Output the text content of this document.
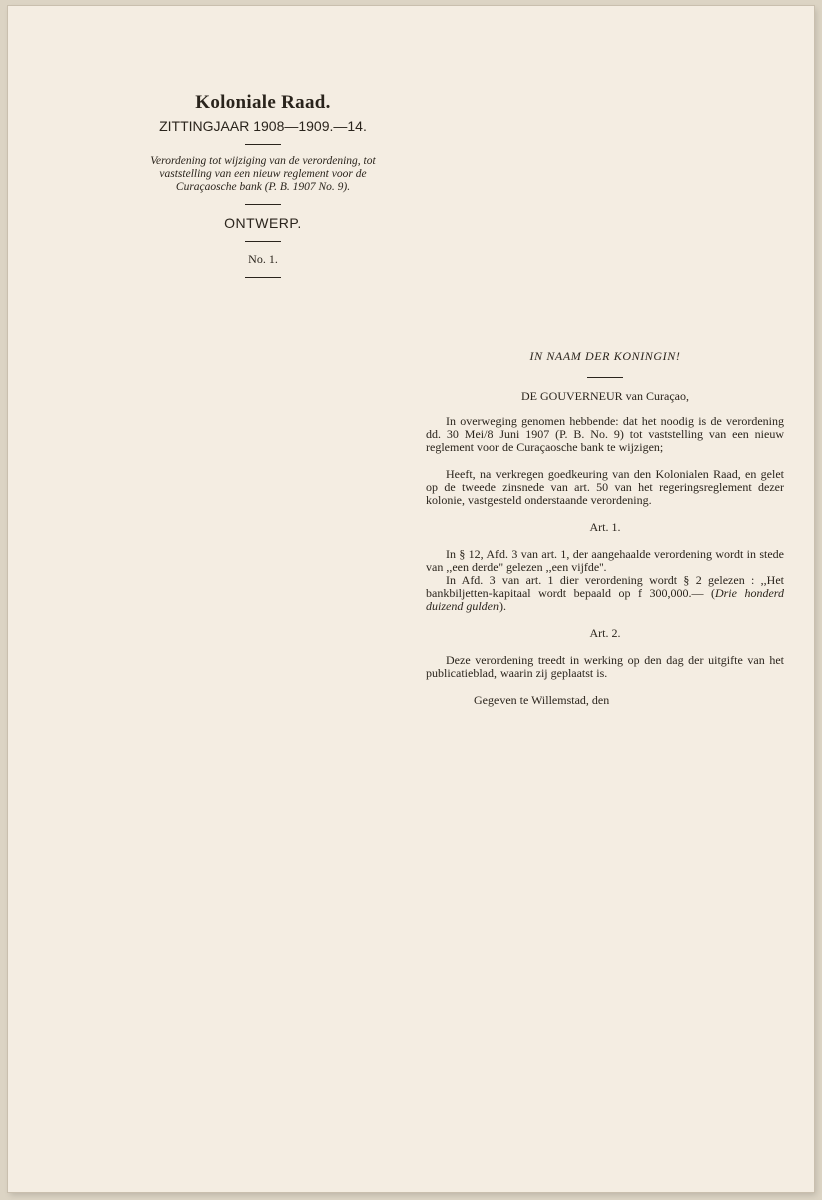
Koloniale Raad.
ZITTINGJAAR 1908—1909.—14.
Verordening tot wijziging van de verordening, tot vaststelling van een nieuw reglement voor de Curaçaosche bank (P. B. 1907 No. 9).
ONTWERP.
No. 1.
IN NAAM DER KONINGIN!
DE GOUVERNEUR van Curaçao,

In overweging genomen hebbende: dat het noodig is de verordening dd. 30 Mei/8 Juni 1907 (P. B. No. 9) tot vaststelling van een nieuw reglement voor de Curaçaosche bank te wijzigen;

Heeft, na verkregen goedkeuring van den Kolonialen Raad, en gelet op de tweede zinsnede van art. 50 van het regeringsreglement dezer kolonie, vastgesteld onderstaande verordening.

Art. 1.

In § 12, Afd. 3 van art. 1, der aangehaalde verordening wordt in stede van ,,een derde'' gelezen ,,een vijfde''.

In Afd. 3 van art. 1 dier verordening wordt § 2 gelezen : ,,Het bankbiljetten-kapitaal wordt bepaald op f 300,000.— (Drie honderd duizend gulden).

Art. 2.

Deze verordening treedt in werking op den dag der uitgifte van het publicatieblad, waarin zij geplaatst is.

Gegeven te Willemstad, den
